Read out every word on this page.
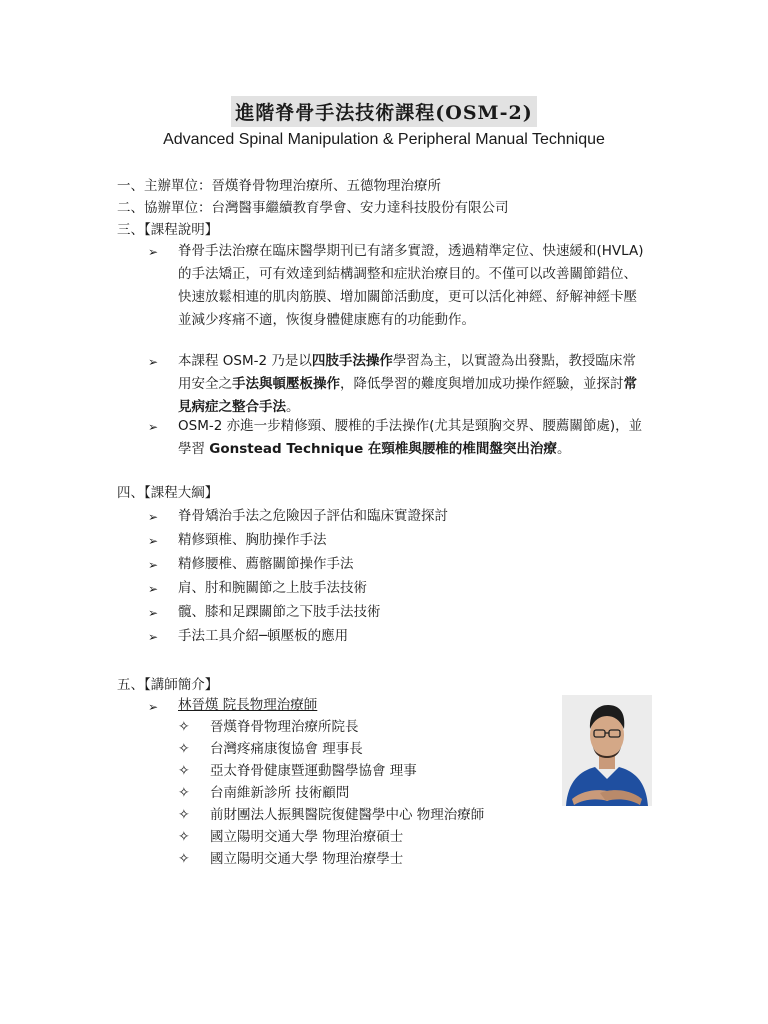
進階脊骨手法技術課程(OSM-2)
Advanced Spinal Manipulation & Peripheral Manual Technique
一、主辦單位：晉熯脊骨物理治療所、五德物理治療所
二、協辦單位：台灣醫事繼續教育學會、安力達科技股份有限公司
三、【課程說明】
➢ 脊骨手法治療在臨床醫學期刊已有諸多實證，透過精準定位、快速緩和(HVLA)的手法矯正，可有效達到結構調整和症狀治療目的。不僅可以改善關節錯位、快速放鬆相連的肌肉筋膜、增加關節活動度，更可以活化神經、紓解神經卡壓並減少疼痛不適，恢復身體健康應有的功能動作。
➢ 本課程 OSM-2 乃是以四肢手法操作學習為主，以實證為出發點，教授臨床常用安全之手法與頓壓板操作，降低學習的難度與增加成功操作經驗，並探討常見病症之整合手法。
➢ OSM-2 亦進一步精修頸、腰椎的手法操作(尤其是頸胸交界、腰薦關節處)，並學習 Gonstead Technique 在頸椎與腰椎的椎間盤突出治療。
四、【課程大綱】
➢ 脊骨矯治手法之危險因子評估和臨床實證探討
➢ 精修頸椎、胸肋操作手法
➢ 精修腰椎、薦髂關節操作手法
➢ 肩、肘和腕關節之上肢手法技術
➢ 髖、膝和足踝關節之下肢手法技術
➢ 手法工具介紹─頓壓板的應用
五、【講師簡介】
➢ 林晉熯 院長物理治療師
✧ 晉熯脊骨物理治療所院長
✧ 台灣疼痛康復協會 理事長
✧ 亞太脊骨健康暨運動醫學協會 理事
✧ 台南維新診所 技術顧問
✧ 前財團法人振興醫院復健醫學中心 物理治療師
✧ 國立陽明交通大學 物理治療碩士
✧ 國立陽明交通大學 物理治療學士
